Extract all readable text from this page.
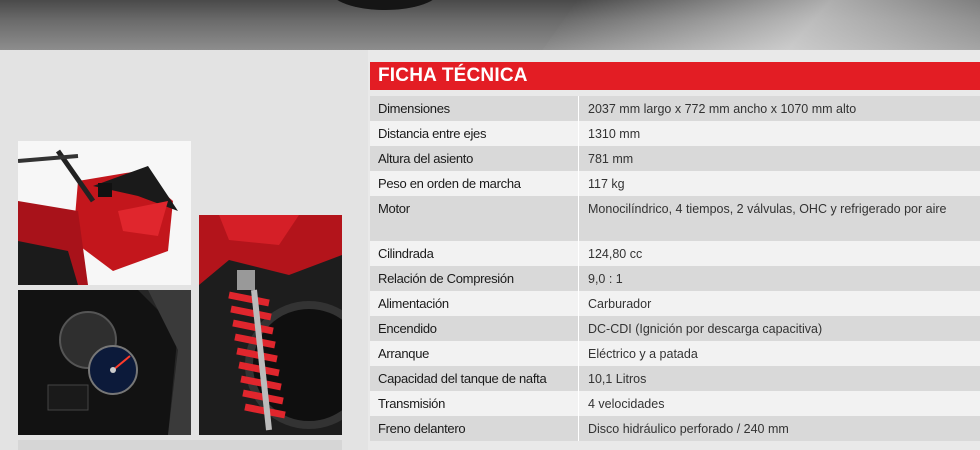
FICHA TÉCNICA
Dimensiones	2037 mm largo x 772 mm ancho x 1070 mm alto
Distancia entre ejes	1310 mm
Altura del asiento	781 mm
Peso en orden de marcha	117 kg
Motor	Monocilíndrico, 4 tiempos, 2 válvulas, OHC y refrigerado por aire
Cilindrada	124,80 cc
Relación de Compresión	9,0 : 1
Alimentación	Carburador
Encendido	DC-CDI (Ignición por descarga capacitiva)
Arranque	Eléctrico y a patada
Capacidad del tanque de nafta	10,1 Litros
Transmisión	4 velocidades
Freno delantero	Disco hidráulico perforado / 240 mm
